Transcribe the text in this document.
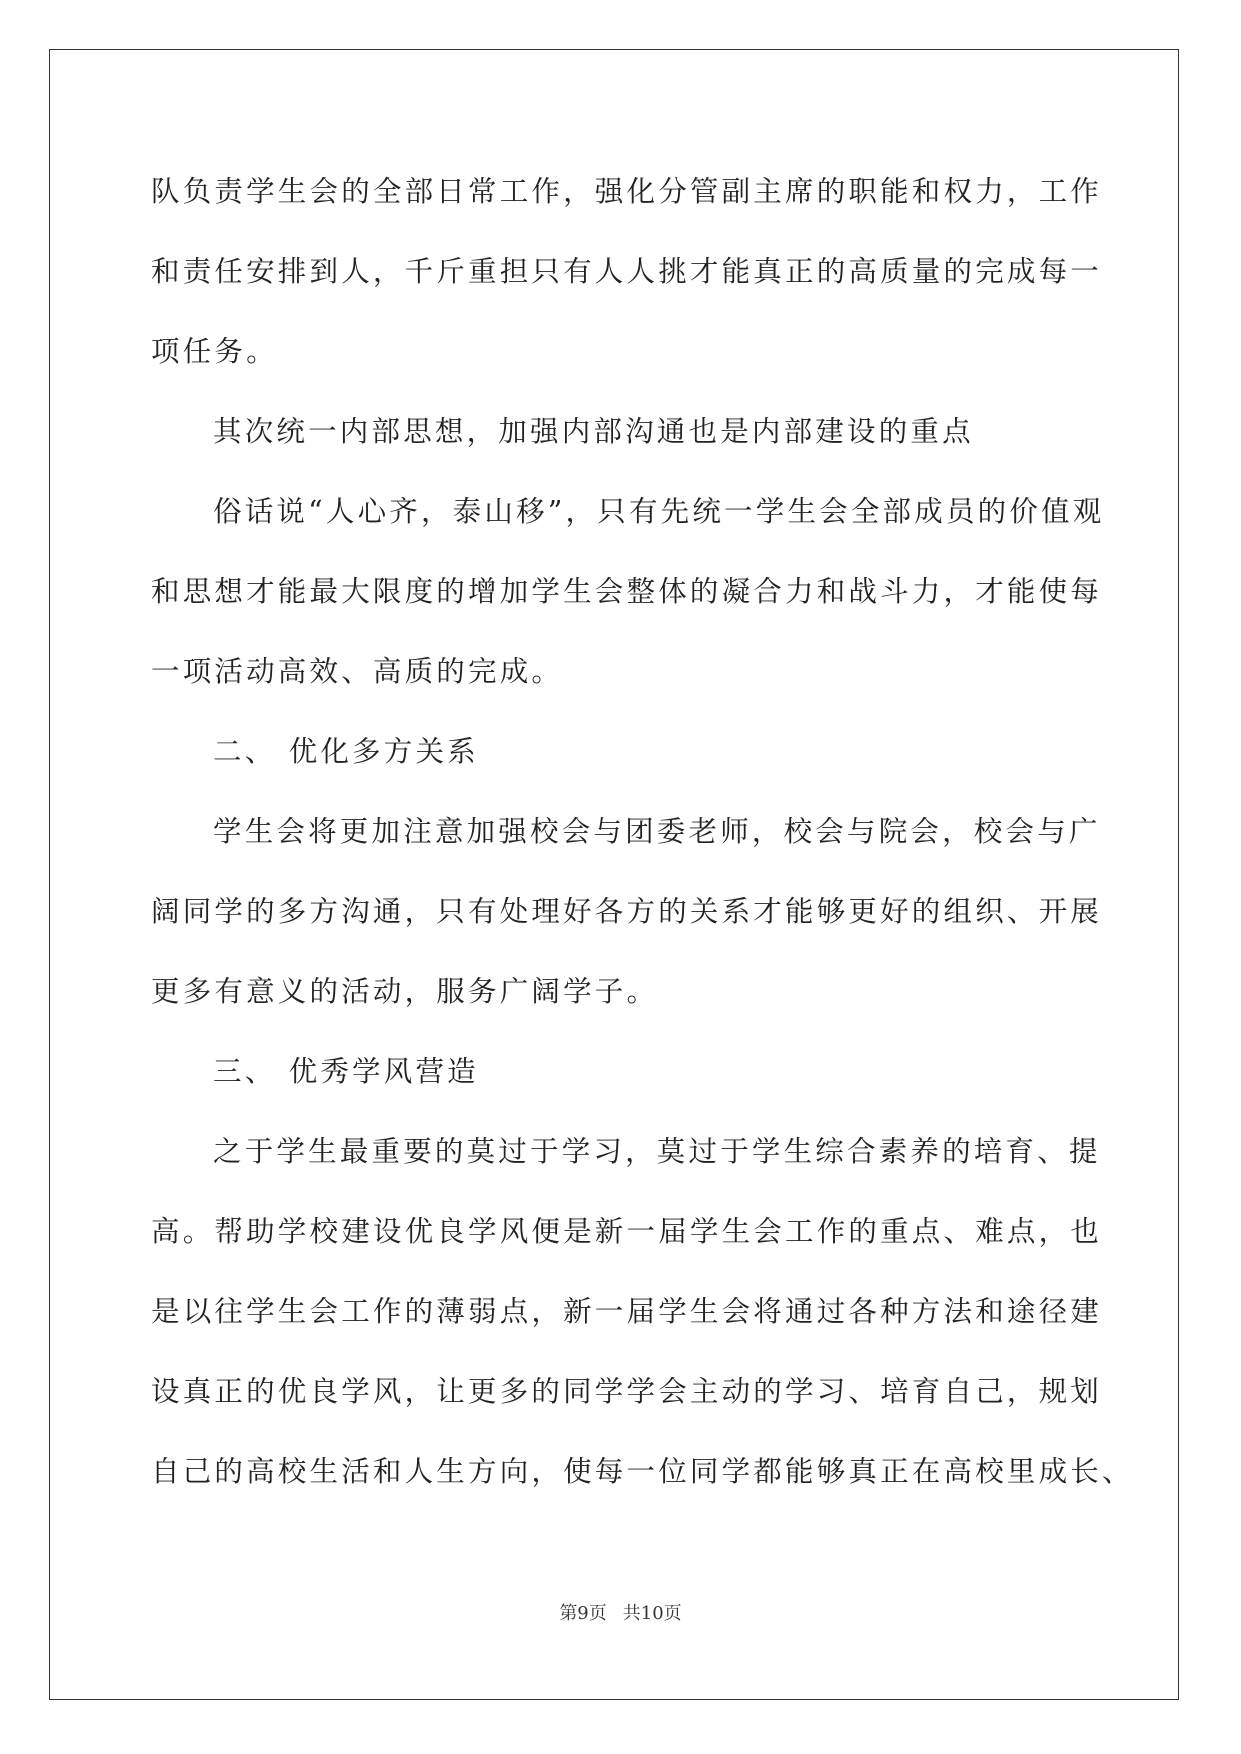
队负责学生会的全部日常工作，强化分管副主席的职能和权力，工作
和责任安排到人，千斤重担只有人人挑才能真正的高质量的完成每一
项任务。
其次统一内部思想，加强内部沟通也是内部建设的重点
俗话说“人心齐，泰山移”，只有先统一学生会全部成员的价值观
和思想才能最大限度的增加学生会整体的凝合力和战斗力，才能使每
一项活动高效、高质的完成。
二、 优化多方关系
学生会将更加注意加强校会与团委老师，校会与院会，校会与广
阔同学的多方沟通，只有处理好各方的关系才能够更好的组织、开展
更多有意义的活动，服务广阔学子。
三、 优秀学风营造
之于学生最重要的莫过于学习，莫过于学生综合素养的培育、提
高。帮助学校建设优良学风便是新一届学生会工作的重点、难点，也
是以往学生会工作的薄弱点，新一届学生会将通过各种方法和途径建
设真正的优良学风，让更多的同学学会主动的学习、培育自己，规划
自己的高校生活和人生方向，使每一位同学都能够真正在高校里成长、
第9页 共10页
